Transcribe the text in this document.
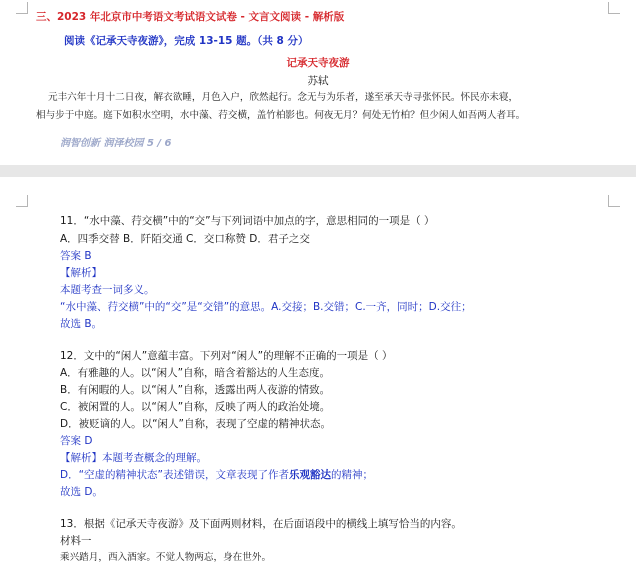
三、2023 年北京市中考语文考试语文试卷 - 文言文阅读 - 解析版
阅读《记承天寺夜游》，完成 13-15 题。（共 8 分）
记承天寺夜游
苏轼
元丰六年十月十二日夜，解衣欲睡，月色入户，欣然起行。念无与为乐者，遂至承天寺寻张怀民。怀民亦未寝，
相与步于中庭。庭下如积水空明，水中藻、荇交横，盖竹柏影也。何夜无月？何处无竹柏？但少闲人如吾两人者耳。
润智创新 润泽校园 5 / 6
11．“水中藻、荇交横”中的“交”与下列词语中加点的字，意思相同的一项是（ ）
A．四季交替 B．阡陌交通 C．交口称赞 D．君子之交
答案 B
【解析】
本题考查一词多义。
“水中藻、荇交横”中的“交”是“交错”的意思。A.交接；B.交错；C.一齐，同时；D.交往；
故选 B。
12．文中的“闲人”意蕴丰富。下列对“闲人”的理解不正确的一项是（ ）
A．有雅趣的人。以“闲人”自称，暗含着豁达的人生态度。
B．有闲暇的人。以“闲人”自称，透露出两人夜游的情致。
C．被闲置的人。以“闲人”自称，反映了两人的政治处境。
D．被贬谪的人。以“闲人”自称，表现了空虚的精神状态。
答案 D
【解析】本题考查概念的理解。
D．“空虚的精神状态”表述错误，文章表现了作者乐观豁达的精神；
故选 D。
13．根据《记承天寺夜游》及下面两则材料，在后面语段中的横线上填写恰当的内容。
材料一
乘兴踏月，西入酒家。不觉人物两忘，身在世外。
